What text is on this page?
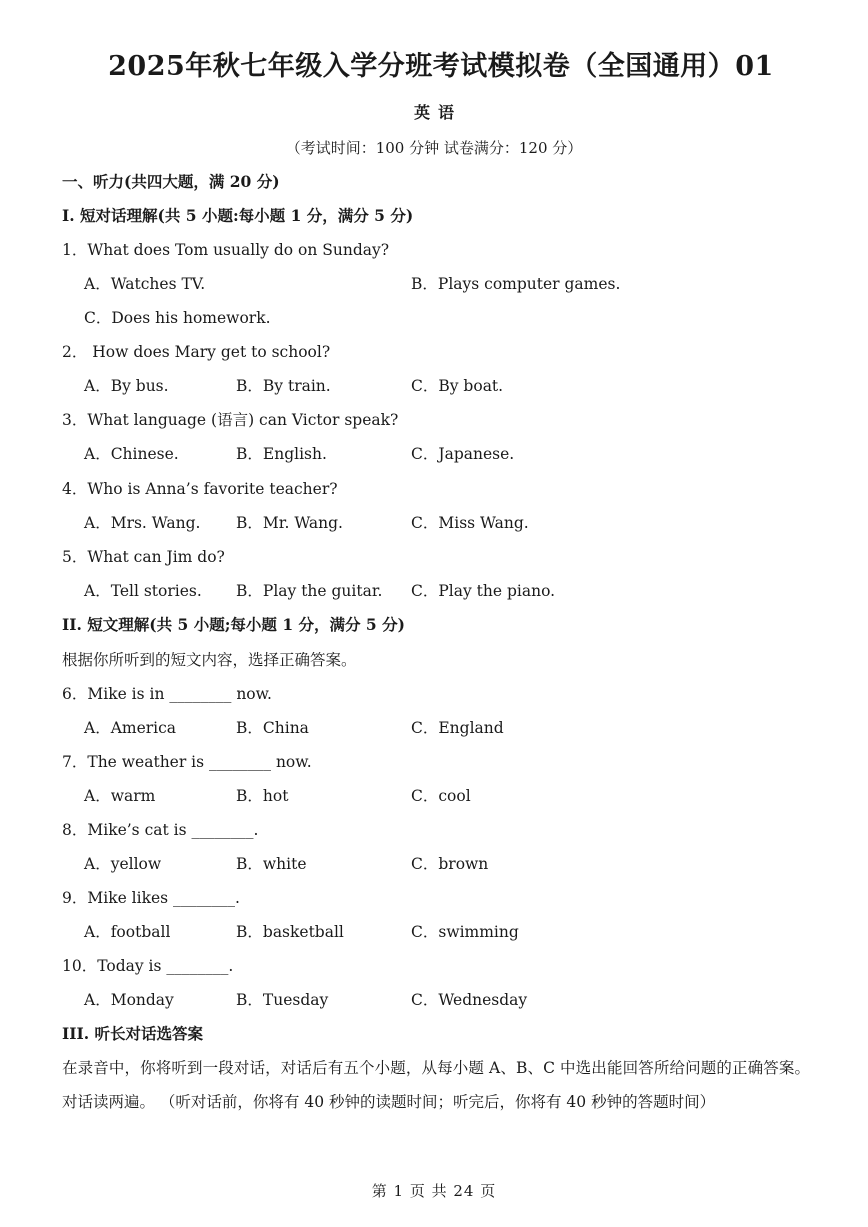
2025年秋七年级入学分班考试模拟卷（全国通用）01
英语
（考试时间：100 分钟 试卷满分：120 分）
一、听力(共四大题，满 20 分)
I. 短对话理解(共 5 小题:每小题 1 分，满分 5 分)
1．What does Tom usually do on Sunday?
A．Watches TV.	B．Plays computer games.
C．Does his homework.
2． How does Mary get to school?
A．By bus.	B．By train.	C．By boat.
3．What language (语言) can Victor speak?
A．Chinese.	B．English.	C．Japanese.
4．Who is Anna’s favorite teacher?
A．Mrs. Wang. B．Mr. Wang.	C．Miss Wang.
5．What can Jim do?
A．Tell stories. B．Play the guitar. C．Play the piano.
II. 短文理解(共 5 小题;每小题 1 分，满分 5 分)
根据你所听到的短文内容，选择正确答案。
6．Mike is in ________ now.
A．America	B．China	C．England
7．The weather is ________ now.
A．warm	B．hot	C．cool
8．Mike’s cat is ________.
A．yellow	B．white	C．brown
9．Mike likes ________.
A．football	B．basketball	C．swimming
10．Today is ________.
A．Monday	B．Tuesday	C．Wednesday
III. 听长对话选答案
在录音中，你将听到一段对话，对话后有五个小题，从每小题 A、B、C 中选出能回答所给问题的正确答案。对话读两遍。 （听对话前，你将有 40 秒钟的读题时间；听完后，你将有 40 秒钟的答题时间）
第 1 页 共 24 页
